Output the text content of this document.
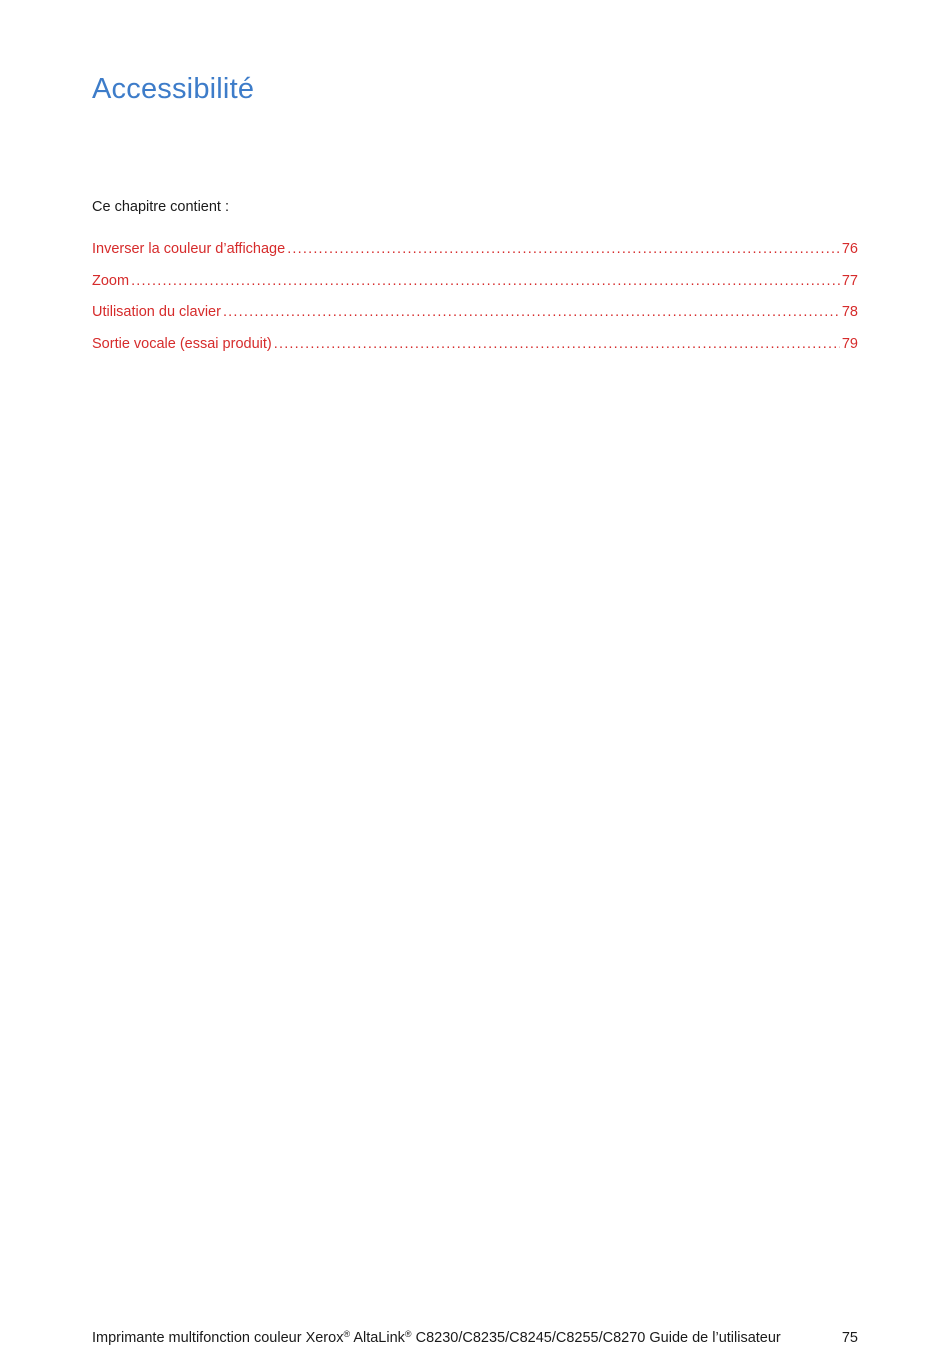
Accessibilité

Ce chapitre contient :

Inverser la couleur d’affichage .....	76
Zoom .....	77
Utilisation du clavier .....	78
Sortie vocale (essai produit) .....	79
Imprimante multifonction couleur Xerox® AltaLink® C8230/C8235/C8245/C8255/C8270 Guide de l’utilisateur	75
